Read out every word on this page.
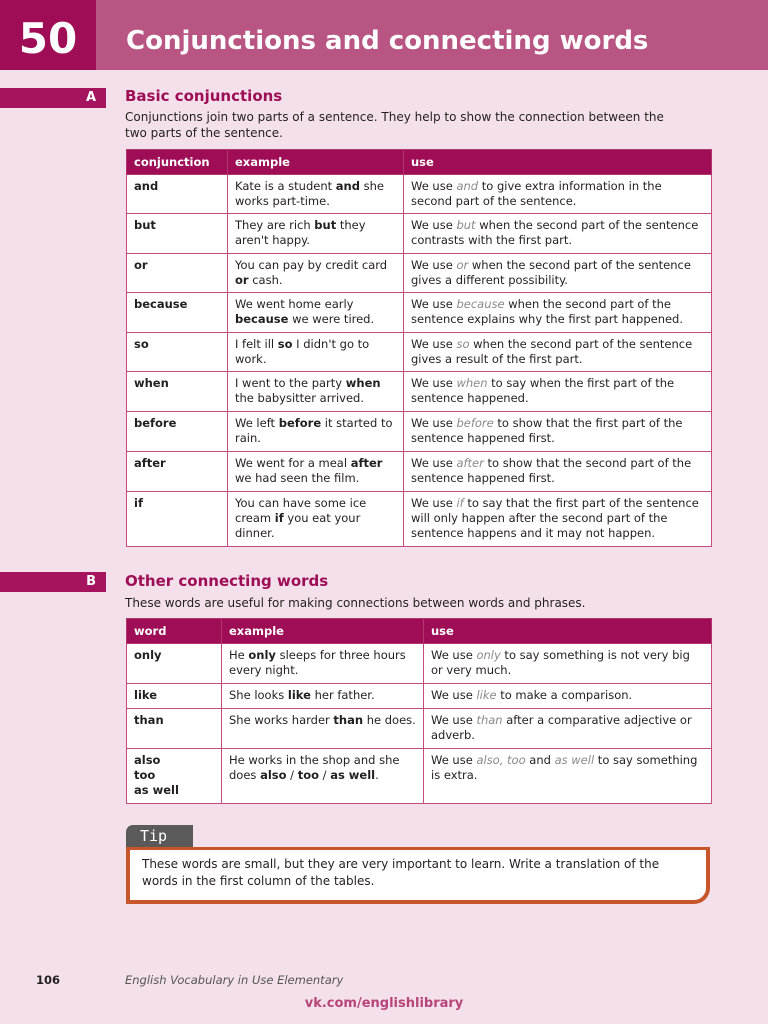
50	Conjunctions and connecting words
A	Basic conjunctions
Conjunctions join two parts of a sentence. They help to show the connection between the two parts of the sentence.
conjunction	example	use
and	Kate is a student and she works part-time.	We use and to give extra information in the second part of the sentence.
but	They are rich but they aren't happy.	We use but when the second part of the sentence contrasts with the first part.
or	You can pay by credit card or cash.	We use or when the second part of the sentence gives a different possibility.
because	We went home early because we were tired.	We use because when the second part of the sentence explains why the first part happened.
so	I felt ill so I didn't go to work.	We use so when the second part of the sentence gives a result of the first part.
when	I went to the party when the babysitter arrived.	We use when to say when the first part of the sentence happened.
before	We left before it started to rain.	We use before to show that the first part of the sentence happened first.
after	We went for a meal after we had seen the film.	We use after to show that the second part of the sentence happened first.
if	You can have some ice cream if you eat your dinner.	We use if to say that the first part of the sentence will only happen after the second part of the sentence happens and it may not happen.
B	Other connecting words
These words are useful for making connections between words and phrases.
word	example	use
only	He only sleeps for three hours every night.	We use only to say something is not very big or very much.
like	She looks like her father.	We use like to make a comparison.
than	She works harder than he does.	We use than after a comparative adjective or adverb.
also
too
as well	He works in the shop and she does also / too / as well.	We use also, too and as well to say something is extra.
Tip
These words are small, but they are very important to learn. Write a translation of the words in the first column of the tables.
106	English Vocabulary in Use Elementary
vk.com/englishlibrary
